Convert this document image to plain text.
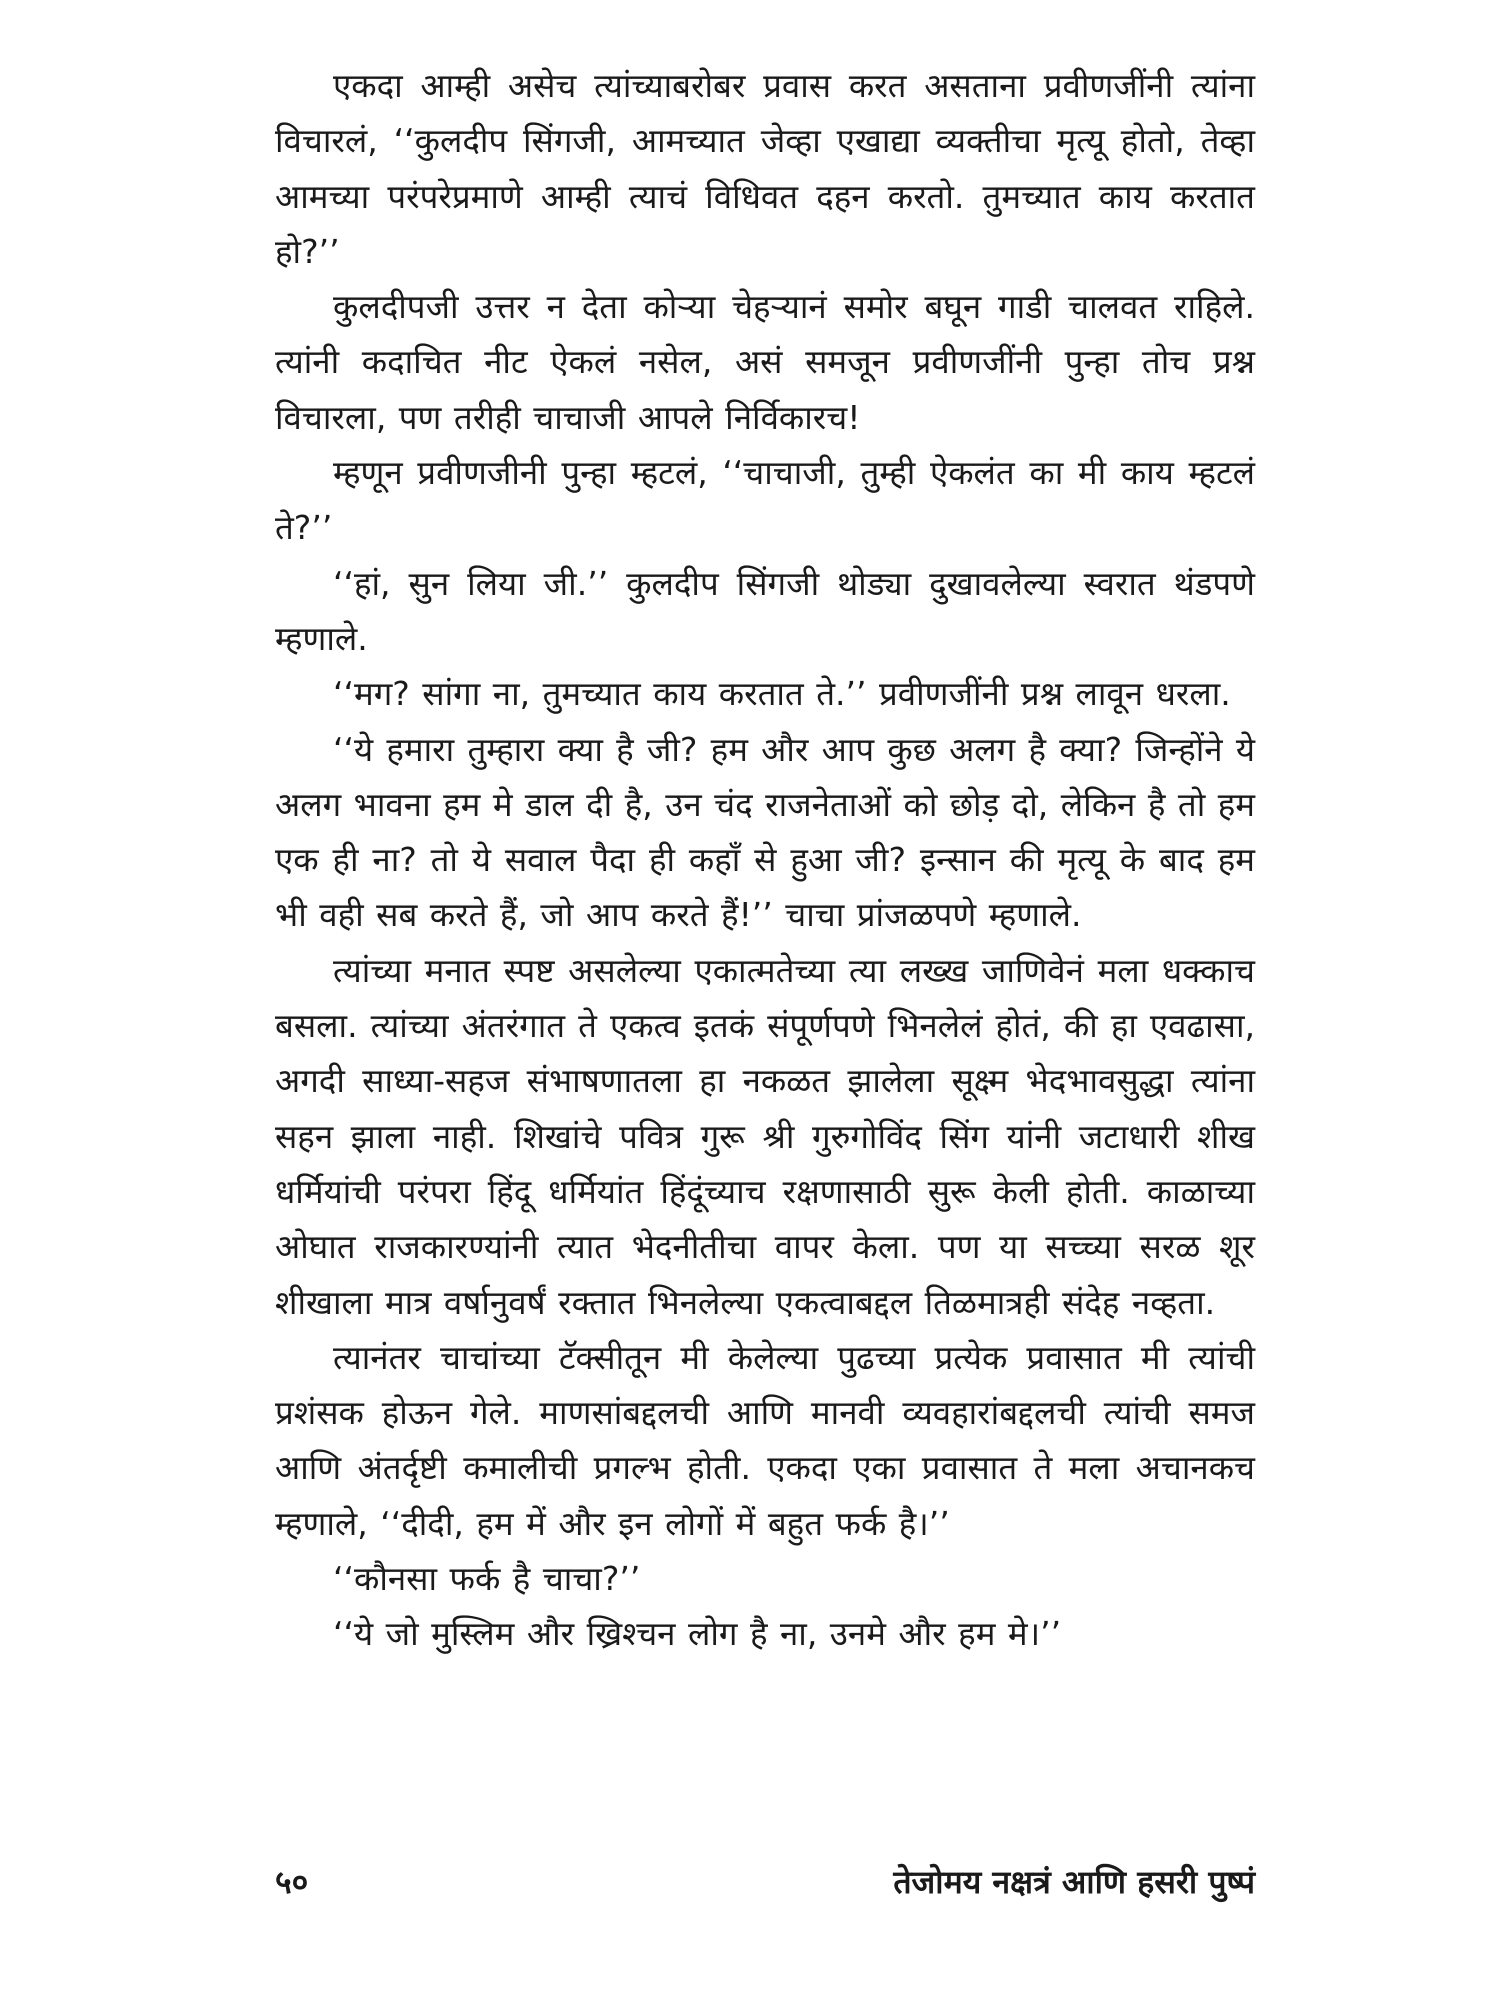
एकदा आम्ही असेच त्यांच्याबरोबर प्रवास करत असताना प्रवीणजींनी त्यांना विचारलं, ‘‘कुलदीप सिंगजी, आमच्यात जेव्हा एखाद्या व्यक्तीचा मृत्यू होतो, तेव्हा आमच्या परंपरेप्रमाणे आम्ही त्याचं विधिवत दहन करतो. तुमच्यात काय करतात हो?’’

कुलदीपजी उत्तर न देता कोऱ्या चेहऱ्यानं समोर बघून गाडी चालवत राहिले. त्यांनी कदाचित नीट ऐकलं नसेल, असं समजून प्रवीणजींनी पुन्हा तोच प्रश्न विचारला, पण तरीही चाचाजी आपले निर्विकारच!

म्हणून प्रवीणजीनी पुन्हा म्हटलं, ‘‘चाचाजी, तुम्ही ऐकलंत का मी काय म्हटलं ते?’’

‘‘हां, सुन लिया जी.’’ कुलदीप सिंगजी थोड्या दुखावलेल्या स्वरात थंडपणे म्हणाले.

‘‘मग? सांगा ना, तुमच्यात काय करतात ते.’’ प्रवीणजींनी प्रश्न लावून धरला.

‘‘ये हमारा तुम्हारा क्या है जी? हम और आप कुछ अलग है क्या? जिन्होंने ये अलग भावना हम मे डाल दी है, उन चंद राजनेताओं को छोड़ दो, लेकिन है तो हम एक ही ना? तो ये सवाल पैदा ही कहाँ से हुआ जी? इन्सान की मृत्यू के बाद हम भी वही सब करते हैं, जो आप करते हैं!’’ चाचा प्रांजळपणे म्हणाले.

त्यांच्या मनात स्पष्ट असलेल्या एकात्मतेच्या त्या लख्ख जाणिवेनं मला धक्काच बसला. त्यांच्या अंतरंगात ते एकत्व इतकं संपूर्णपणे भिनलेलं होतं, की हा एवढासा, अगदी साध्या-सहज संभाषणातला हा नकळत झालेला सूक्ष्म भेदभावसुद्धा त्यांना सहन झाला नाही. शिखांचे पवित्र गुरू श्री गुरुगोविंद सिंग यांनी जटाधारी शीख धर्मियांची परंपरा हिंदू धर्मियांत हिंदूंच्याच रक्षणासाठी सुरू केली होती. काळाच्या ओघात राजकारण्यांनी त्यात भेदनीतीचा वापर केला. पण या सच्च्या सरळ शूर शीखाला मात्र वर्षानुवर्षं रक्तात भिनलेल्या एकत्वाबद्दल तिळमात्रही संदेह नव्हता.

त्यानंतर चाचांच्या टॅक्सीतून मी केलेल्या पुढच्या प्रत्येक प्रवासात मी त्यांची प्रशंसक होऊन गेले. माणसांबद्दलची आणि मानवी व्यवहारांबद्दलची त्यांची समज आणि अंतर्दृष्टी कमालीची प्रगल्भ होती. एकदा एका प्रवासात ते मला अचानकच म्हणाले, ‘‘दीदी, हम में और इन लोगों में बहुत फर्क है।’’

‘‘कौनसा फर्क है चाचा?’’

‘‘ये जो मुस्लिम और ख्रिश्चन लोग है ना, उनमे और हम मे।’’

५०	तेजोमय नक्षत्रं आणि हसरी पुष्पं
